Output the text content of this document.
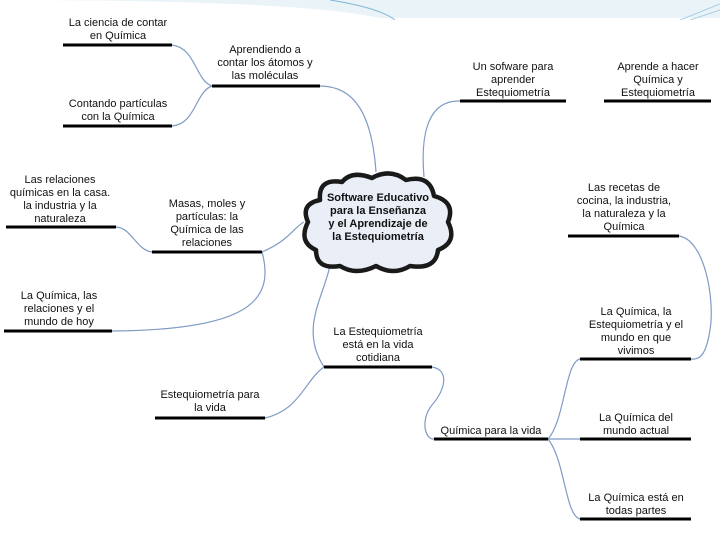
Software Educativo
para la Enseñanza
y el Aprendizaje de
la Estequiometría
Aprendiendo a
contar los átomos y
las moléculas
La ciencia de contar
en Química
Contando partículas
con la Química
Un sofware para
aprender
Estequiometría
Aprende a hacer
Química y
Estequiometría
Masas, moles y
partículas: la
Química de las
relaciones
Las relaciones
químicas en la casa.
la industria y la
naturaleza
La Química, las
relaciones y el
mundo de hoy
La Estequiometría
está en la vida
cotidiana
Estequiometría para
la vida
Química para la vida
Las recetas de
cocina, la industria,
la naturaleza y la
Química
La Química, la
Estequiometría y el
mundo en que
vivimos
La Química del
mundo actual
La Química está en
todas partes
